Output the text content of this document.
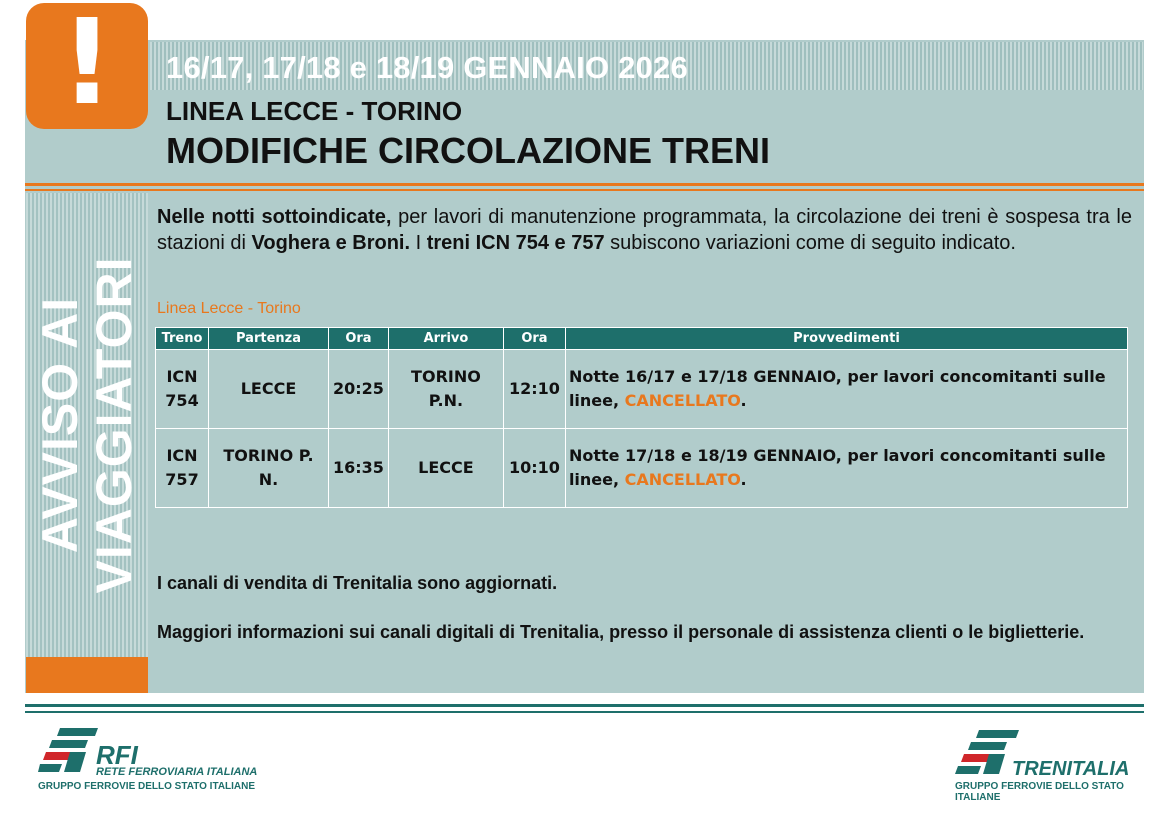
!	16/17, 17/18 e 18/19 GENNAIO 2026
LINEA LECCE - TORINO
MODIFICHE CIRCOLAZIONE TRENI
AVVISO AI
VIAGGIATORI
Nelle notti sottoindicate, per lavori di manutenzione programmata, la circolazione dei treni è sospesa tra le stazioni di Voghera e Broni. I treni ICN 754 e 757 subiscono variazioni come di seguito indicato.
Linea Lecce - Torino
Treno	Partenza	Ora	Arrivo	Ora	Provvedimenti
ICN 754	LECCE	20:25	TORINO P.N.	12:10	Notte 16/17 e 17/18 GENNAIO, per lavori concomitanti sulle linee, CANCELLATO.
ICN 757	TORINO P. N.	16:35	LECCE	10:10	Notte 17/18 e 18/19 GENNAIO, per lavori concomitanti sulle linee, CANCELLATO.
I canali di vendita di Trenitalia sono aggiornati.
Maggiori informazioni sui canali digitali di Trenitalia, presso il personale di assistenza clienti o le biglietterie.
RFI
RETE FERROVIARIA ITALIANA
GRUPPO FERROVIE DELLO STATO ITALIANE
TRENITALIA
GRUPPO FERROVIE DELLO STATO ITALIANE
